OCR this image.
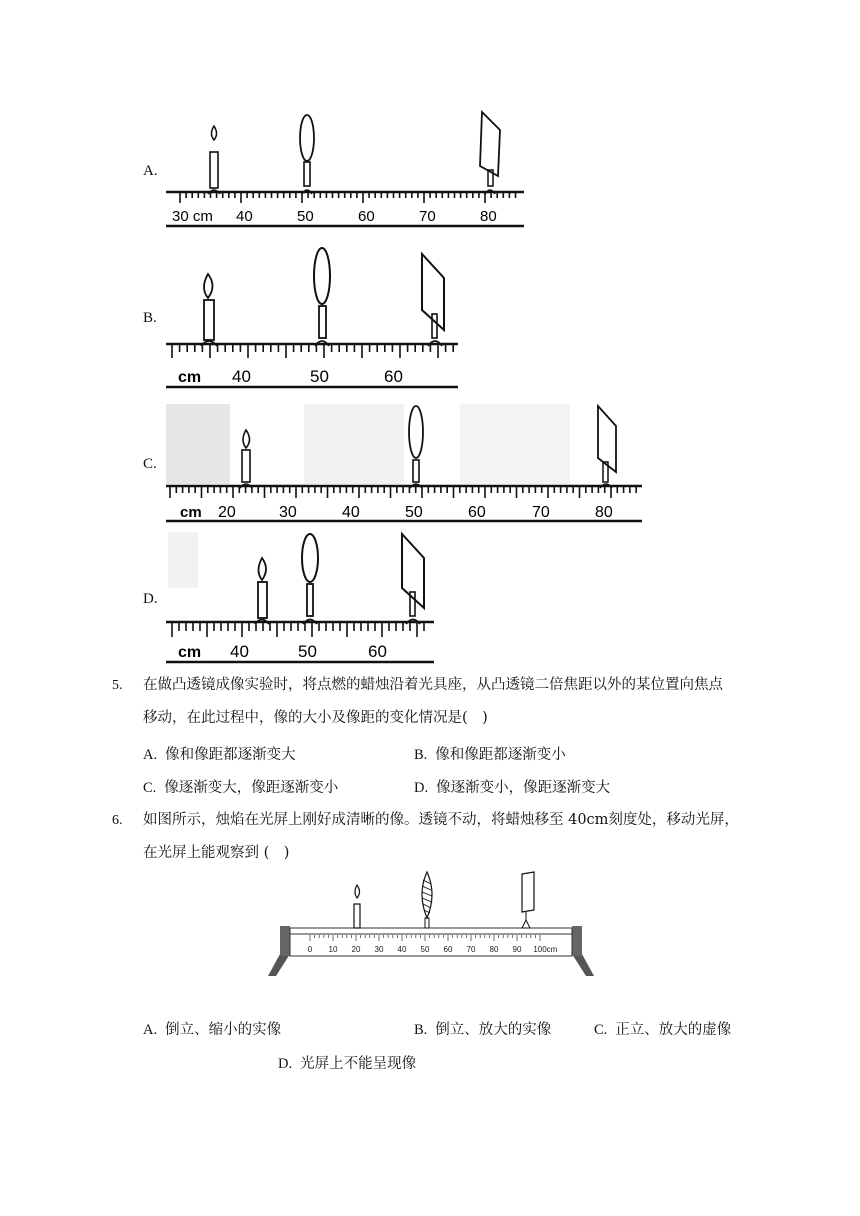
A.
30 cm 40	50	60	70	80
B.
cm 40	50	60
C.
cm 20	30	40	50	60	70	80
D.
cm 40	50	60
5. 在做凸透镜成像实验时，将点燃的蜡烛沿着光具座，从凸透镜二倍焦距以外的某位置向焦点
移动，在此过程中，像的大小及像距的变化情况是(　)
A. 像和像距都逐渐变大	B. 像和像距都逐渐变小
C. 像逐渐变大，像距逐渐变小	D. 像逐渐变小，像距逐渐变大
6. 如图所示，烛焰在光屏上刚好成清晰的像。透镜不动，将蜡烛移至 40cm刻度处，移动光屏，
在光屏上能观察到 (　)
0 10 20 30 40 50 60 70 80 90 100 cm
A. 倒立、缩小的实像	B. 倒立、放大的实像	C. 正立、放大的虚像
D. 光屏上不能呈现像
